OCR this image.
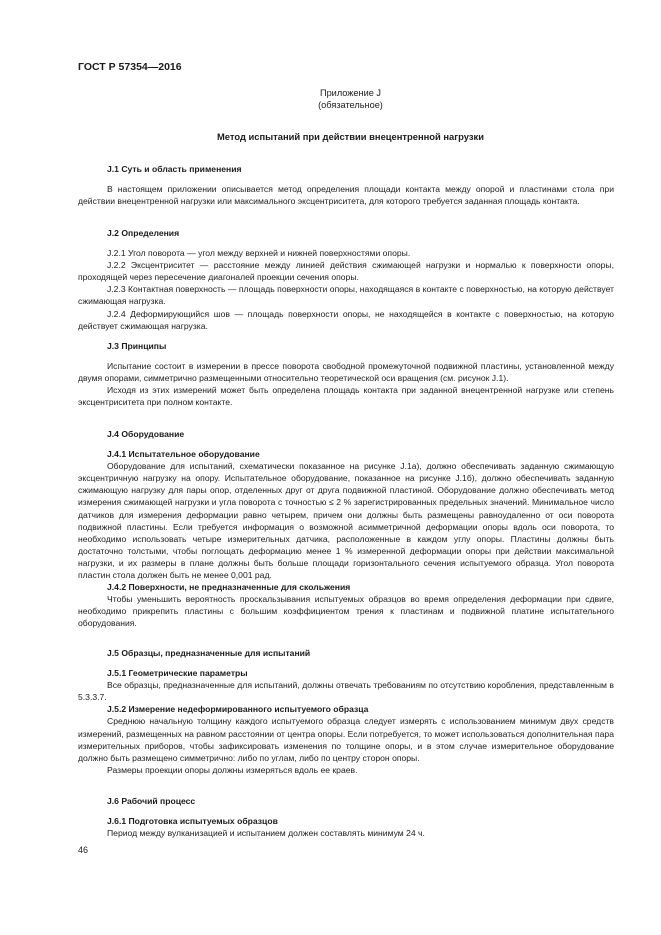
ГОСТ Р 57354—2016
Приложение J
(обязательное)
Метод испытаний при действии внецентренной нагрузки
J.1 Суть и область применения

В настоящем приложении описывается метод определения площади контакта между опорой и пластинами стола при действии внецентренной нагрузки или максимального эксцентриситета, для которого требуется заданная площадь контакта.

J.2 Определения

J.2.1 Угол поворота — угол между верхней и нижней поверхностями опоры.

J.2.2 Эксцентриситет — расстояние между линией действия сжимающей нагрузки и нормалью к поверхности опоры, проходящей через пересечение диагоналей проекции сечения опоры.

J.2.3 Контактная поверхность — площадь поверхности опоры, находящаяся в контакте с поверхностью, на которую действует сжимающая нагрузка.

J.2.4 Деформирующийся шов — площадь поверхности опоры, не находящейся в контакте с поверхностью, на которую действует сжимающая нагрузка.

J.3 Принципы

Испытание состоит в измерении в прессе поворота свободной промежуточной подвижной пластины, установленной между двумя опорами, симметрично размещенными относительно теоретической оси вращения (см. рисунок J.1).

Исходя из этих измерений может быть определена площадь контакта при заданной внецентренной нагрузке или степень эксцентриситета при полном контакте.

J.4 Оборудование
J.4.1 Испытательное оборудование

Оборудование для испытаний, схематически показанное на рисунке J.1а), должно обеспечивать заданную сжимающую эксцентричную нагрузку на опору. Испытательное оборудование, показанное на рисунке J.1б), должно обеспечивать заданную сжимающую нагрузку для пары опор, отделенных друг от друга подвижной пластиной. Оборудование должно обеспечивать метод измерения сжимающей нагрузки и угла поворота с точностью ≤ 2 % зарегистрированных предельных значений. Минимальное число датчиков для измерения деформации равно четырем, причем они должны быть размещены равноудаленно от оси поворота подвижной пластины. Если требуется информация о возможной асимметричной деформации опоры вдоль оси поворота, то необходимо использовать четыре измерительных датчика, расположенные в каждом углу опоры. Пластины должны быть достаточно толстыми, чтобы поглощать деформацию менее 1 % измеренной деформации опоры при действии максимальной нагрузки, и их размеры в плане должны быть больше площади горизонтального сечения испытуемого образца. Угол поворота пластин стола должен быть не менее 0,001 рад.

J.4.2 Поверхности, не предназначенные для скольжения

Чтобы уменьшить вероятность проскальзывания испытуемых образцов во время определения деформации при сдвиге, необходимо прикрепить пластины с большим коэффициентом трения к пластинам и подвижной платине испытательного оборудования.

J.5 Образцы, предназначенные для испытаний
J.5.1 Геометрические параметры

Все образцы, предназначенные для испытаний, должны отвечать требованиям по отсутствию коробления, представленным в 5.3.3.7.

J.5.2 Измерение недеформированного испытуемого образца

Среднюю начальную толщину каждого испытуемого образца следует измерять с использованием минимум двух средств измерений, размещенных на равном расстоянии от центра опоры. Если потребуется, то может использоваться дополнительная пара измерительных приборов, чтобы зафиксировать изменения по толщине опоры, и в этом случае измерительное оборудование должно быть размещено симметрично: либо по углам, либо по центру сторон опоры.

Размеры проекции опоры должны измеряться вдоль ее краев.

J.6 Рабочий процесс
J.6.1 Подготовка испытуемых образцов

Период между вулканизацией и испытанием должен составлять минимум 24 ч.

46
